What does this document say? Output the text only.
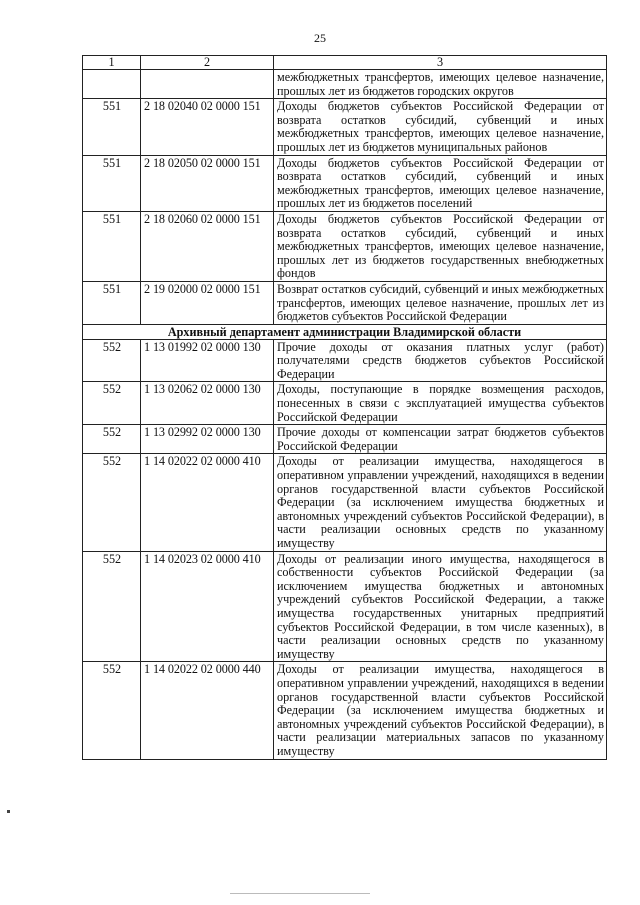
25
1	2	3
		межбюджетных трансфертов, имеющих целевое назначение, прошлых лет из бюджетов городских округов
551	2 18 02040 02 0000 151	Доходы бюджетов субъектов Российской Федерации от возврата остатков субсидий, субвенций и иных межбюджетных трансфертов, имеющих целевое назначение, прошлых лет из бюджетов муниципальных районов
551	2 18 02050 02 0000 151	Доходы бюджетов субъектов Российской Федерации от возврата остатков субсидий, субвенций и иных межбюджетных трансфертов, имеющих целевое назначение, прошлых лет из бюджетов поселений
551	2 18 02060 02 0000 151	Доходы бюджетов субъектов Российской Федерации от возврата остатков субсидий, субвенций и иных межбюджетных трансфертов, имеющих целевое назначение, прошлых лет из бюджетов государственных внебюджетных фондов
551	2 19 02000 02 0000 151	Возврат остатков субсидий, субвенций и иных межбюджетных трансфертов, имеющих целевое назначение, прошлых лет из бюджетов субъектов Российской Федерации
Архивный департамент администрации Владимирской области		
552	1 13 01992 02 0000 130	Прочие доходы от оказания платных услуг (работ) получателями средств бюджетов субъектов Российской Федерации
552	1 13 02062 02 0000 130	Доходы, поступающие в порядке возмещения расходов, понесенных в связи с эксплуатацией имущества субъектов Российской Федерации
552	1 13 02992 02 0000 130	Прочие доходы от компенсации затрат бюджетов субъектов Российской Федерации
552	1 14 02022 02 0000 410	Доходы от реализации имущества, находящегося в оперативном управлении учреждений, находящихся в ведении органов государственной власти субъектов Российской Федерации (за исключением имущества бюджетных и автономных учреждений субъектов Российской Федерации), в части реализации основных средств по указанному имуществу
552	1 14 02023 02 0000 410	Доходы от реализации иного имущества, находящегося в собственности субъектов Российской Федерации (за исключением имущества бюджетных и автономных учреждений субъектов Российской Федерации, а также имущества государственных унитарных предприятий субъектов Российской Федерации, в том числе казенных), в части реализации основных средств по указанному имуществу
552	1 14 02022 02 0000 440	Доходы от реализации имущества, находящегося в оперативном управлении учреждений, находящихся в ведении органов государственной власти субъектов Российской Федерации (за исключением имущества бюджетных и автономных учреждений субъектов Российской Федерации), в части реализации материальных запасов по указанному имуществу
